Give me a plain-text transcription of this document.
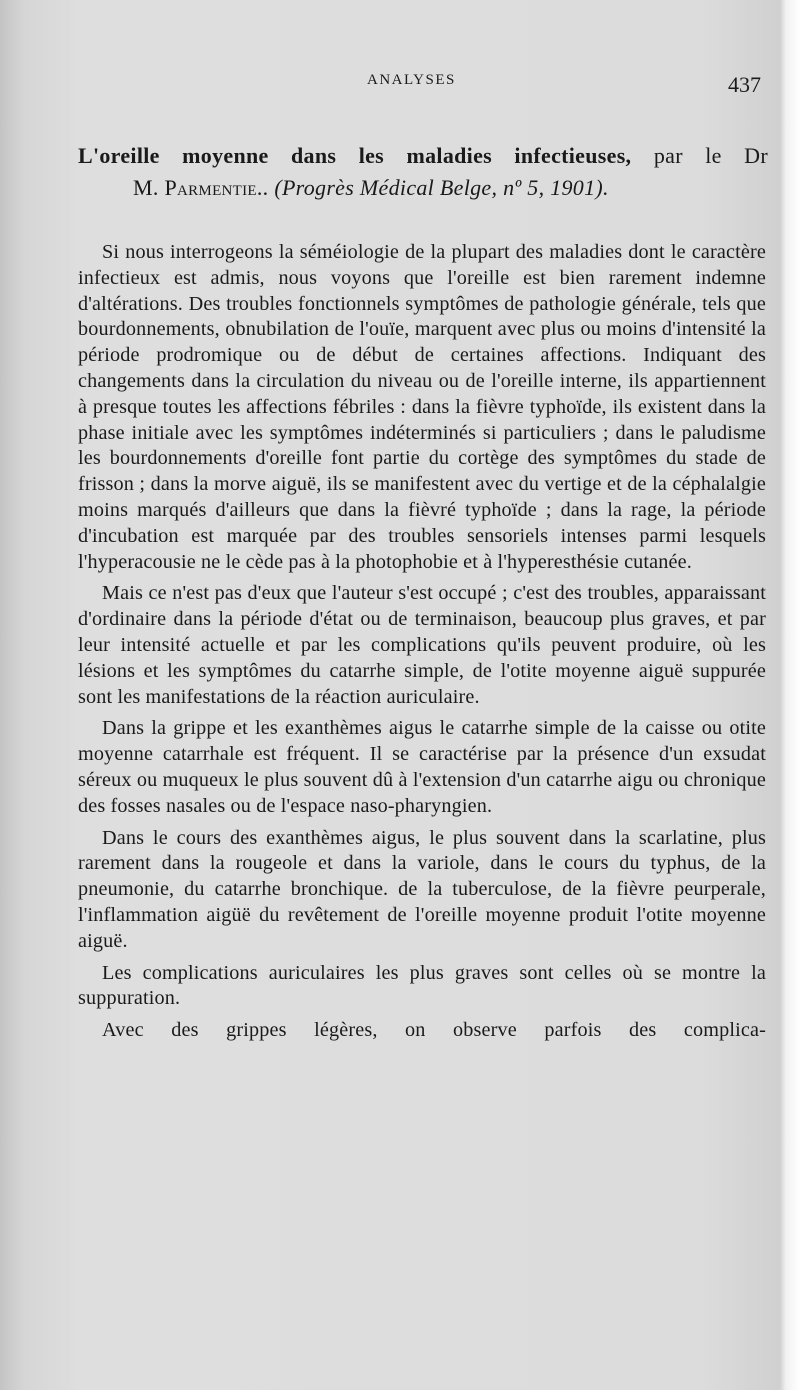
ANALYSES	437
L'oreille moyenne dans les maladies infectieuses, par le Dr
M. Parmentie.. (Progrès Médical Belge, nº 5, 1901).

Si nous interrogeons la séméiologie de la plupart des maladies dont le caractère infectieux est admis, nous voyons que l'oreille est bien rarement indemne d'altérations. Des troubles fonctionnels symptômes de pathologie générale, tels que bourdonnements, obnubilation de l'ouïe, marquent avec plus ou moins d'intensité la période prodromique ou de début de certaines affections. Indiquant des changements dans la circulation du niveau ou de l'oreille interne, ils appartiennent à presque toutes les affections fébriles : dans la fièvre typhoïde, ils existent dans la phase initiale avec les symptômes indéterminés si particuliers ; dans le paludisme les bourdonnements d'oreille font partie du cortège des symptômes du stade de frisson ; dans la morve aiguë, ils se manifestent avec du vertige et de la céphalalgie moins marqués d'ailleurs que dans la fièvré typhoïde ; dans la rage, la période d'incubation est marquée par des troubles sensoriels intenses parmi lesquels l'hyperacousie ne le cède pas à la photophobie et à l'hyperesthésie cutanée.

Mais ce n'est pas d'eux que l'auteur s'est occupé ; c'est des troubles, apparaissant d'ordinaire dans la période d'état ou de terminaison, beaucoup plus graves, et par leur intensité actuelle et par les complications qu'ils peuvent produire, où les lésions et les symptômes du catarrhe simple, de l'otite moyenne aiguë suppurée sont les manifestations de la réaction auriculaire.

Dans la grippe et les exanthèmes aigus le catarrhe simple de la caisse ou otite moyenne catarrhale est fréquent. Il se caractérise par la présence d'un exsudat séreux ou muqueux le plus souvent dû à l'extension d'un catarrhe aigu ou chronique des fosses nasales ou de l'espace naso-pharyngien.

Dans le cours des exanthèmes aigus, le plus souvent dans la scarlatine, plus rarement dans la rougeole et dans la variole, dans le cours du typhus, de la pneumonie, du catarrhe bronchique. de la tuberculose, de la fièvre peurperale, l'inflammation aigüë du revêtement de l'oreille moyenne produit l'otite moyenne aiguë.

Les complications auriculaires les plus graves sont celles où se montre la suppuration.

Avec des grippes légères, on observe parfois des complica-
